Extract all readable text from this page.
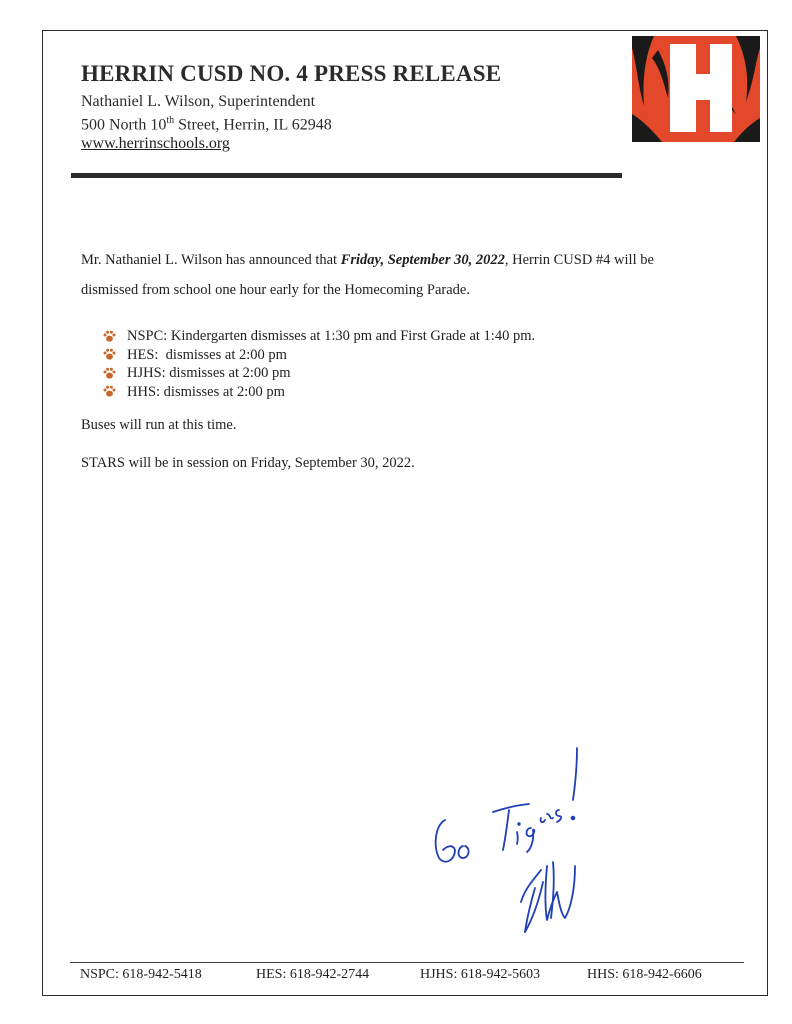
HERRIN CUSD NO. 4 PRESS RELEASE
Nathaniel L. Wilson, Superintendent
500 North 10th Street, Herrin, IL 62948
www.herrinschools.org
Mr. Nathaniel L. Wilson has announced that Friday, September 30, 2022, Herrin CUSD #4 will be
dismissed from school one hour early for the Homecoming Parade.
NSPC: Kindergarten dismisses at 1:30 pm and First Grade at 1:40 pm.
HES:  dismisses at 2:00 pm
HJHS: dismisses at 2:00 pm
HHS: dismisses at 2:00 pm
Buses will run at this time.
STARS will be in session on Friday, September 30, 2022.
NSPC: 618-942-5418	HES: 618-942-2744	HJHS: 618-942-5603	HHS: 618-942-6606
